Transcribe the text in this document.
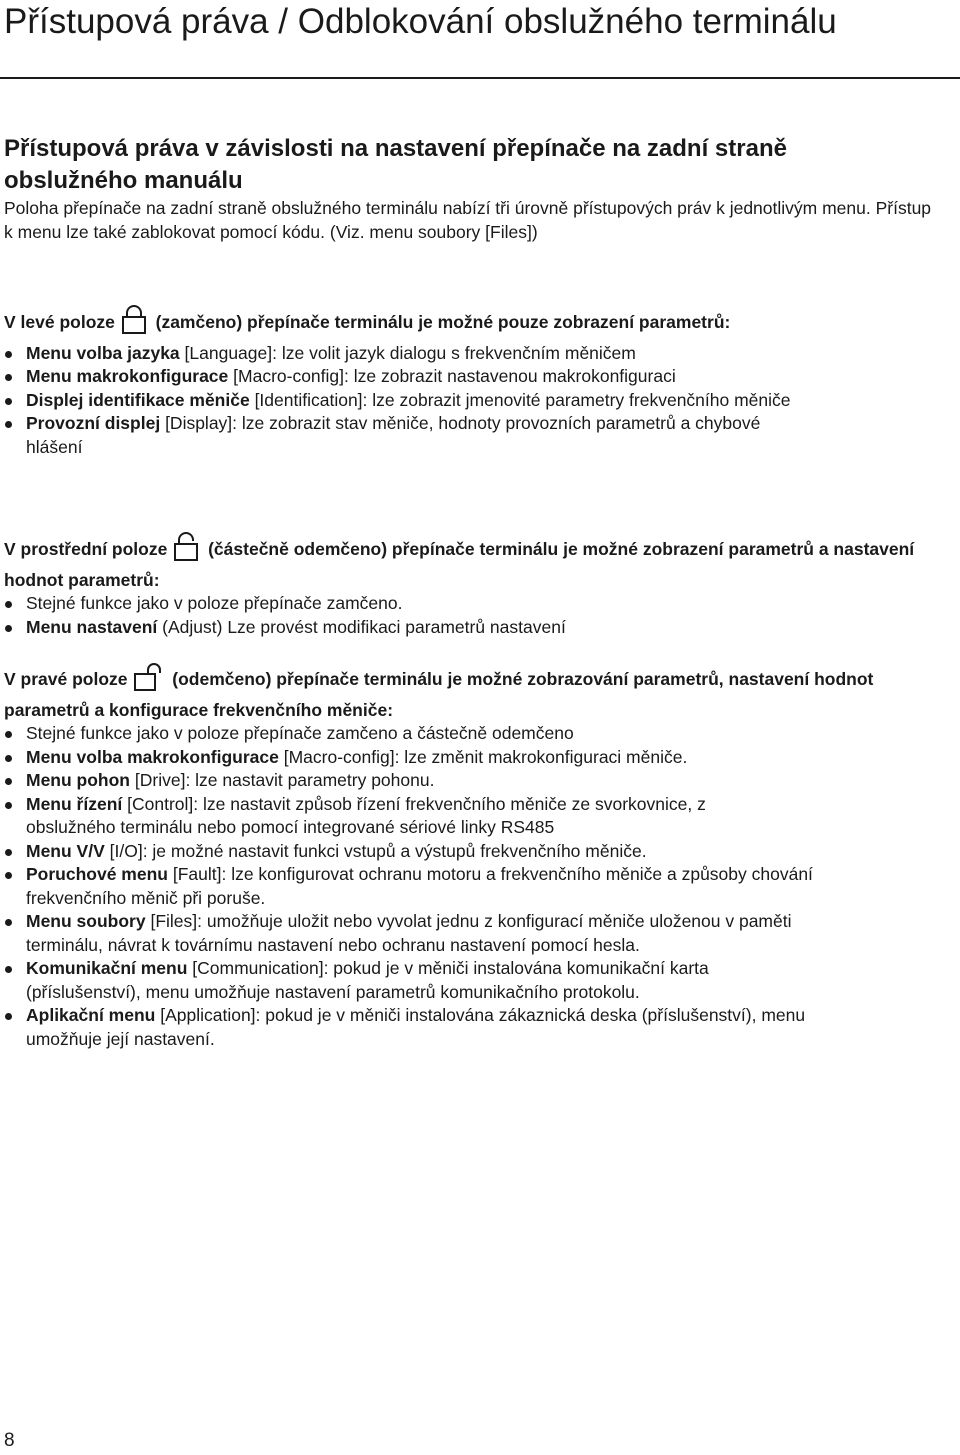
Přístupová práva / Odblokování obslužného terminálu
Přístupová práva v závislosti na nastavení přepínače na zadní straně
obslužného manuálu

Poloha přepínače na zadní straně obslužného terminálu nabízí tři úrovně přístupových práv k jednotlivým menu. Přístup k menu lze také zablokovat pomocí kódu. (Viz. menu soubory [Files])

V levé poloze (zamčeno) přepínače terminálu je možné pouze zobrazení parametrů:

Menu volba jazyka [Language]: lze volit jazyk dialogu s frekvenčním měničem
Menu makrokonfigurace [Macro-config]: lze zobrazit nastavenou makrokonfiguraci
Displej identifikace měniče [Identification]: lze zobrazit jmenovité parametry frekvenčního měniče
Provozní displej [Display]: lze zobrazit stav měniče, hodnoty provozních parametrů a chybové hlášení

V prostřední poloze (částečně odemčeno) přepínače terminálu je možné zobrazení parametrů a nastavení hodnot parametrů:

Stejné funkce jako v poloze přepínače zamčeno.
Menu nastavení (Adjust) Lze provést modifikaci parametrů nastavení

V pravé poloze	(odemčeno) přepínače terminálu je možné zobrazování parametrů, nastavení hodnot parametrů a konfigurace frekvenčního měniče:

Stejné funkce jako v poloze přepínače zamčeno a částečně odemčeno
Menu volba makrokonfigurace [Macro-config]: lze změnit makrokonfiguraci měniče.
Menu pohon [Drive]: lze nastavit parametry pohonu.
Menu řízení [Control]: lze nastavit způsob řízení frekvenčního měniče ze svorkovnice, z obslužného terminálu nebo pomocí integrované sériové linky RS485
Menu V/V [I/O]: je možné nastavit funkci vstupů a výstupů frekvenčního měniče.
Poruchové menu [Fault]: lze konfigurovat ochranu motoru a frekvenčního měniče a způsoby chování frekvenčního měnič při poruše.
Menu soubory [Files]: umožňuje uložit nebo vyvolat jednu z konfigurací měniče uloženou v paměti terminálu, návrat k továrnímu nastavení nebo ochranu nastavení pomocí hesla.
Komunikační menu [Communication]: pokud je v měniči instalována komunikační karta (příslušenství), menu umožňuje nastavení parametrů komunikačního protokolu.
Aplikační menu [Application]: pokud je v měniči instalována zákaznická deska (příslušenství), menu umožňuje její nastavení.
8
